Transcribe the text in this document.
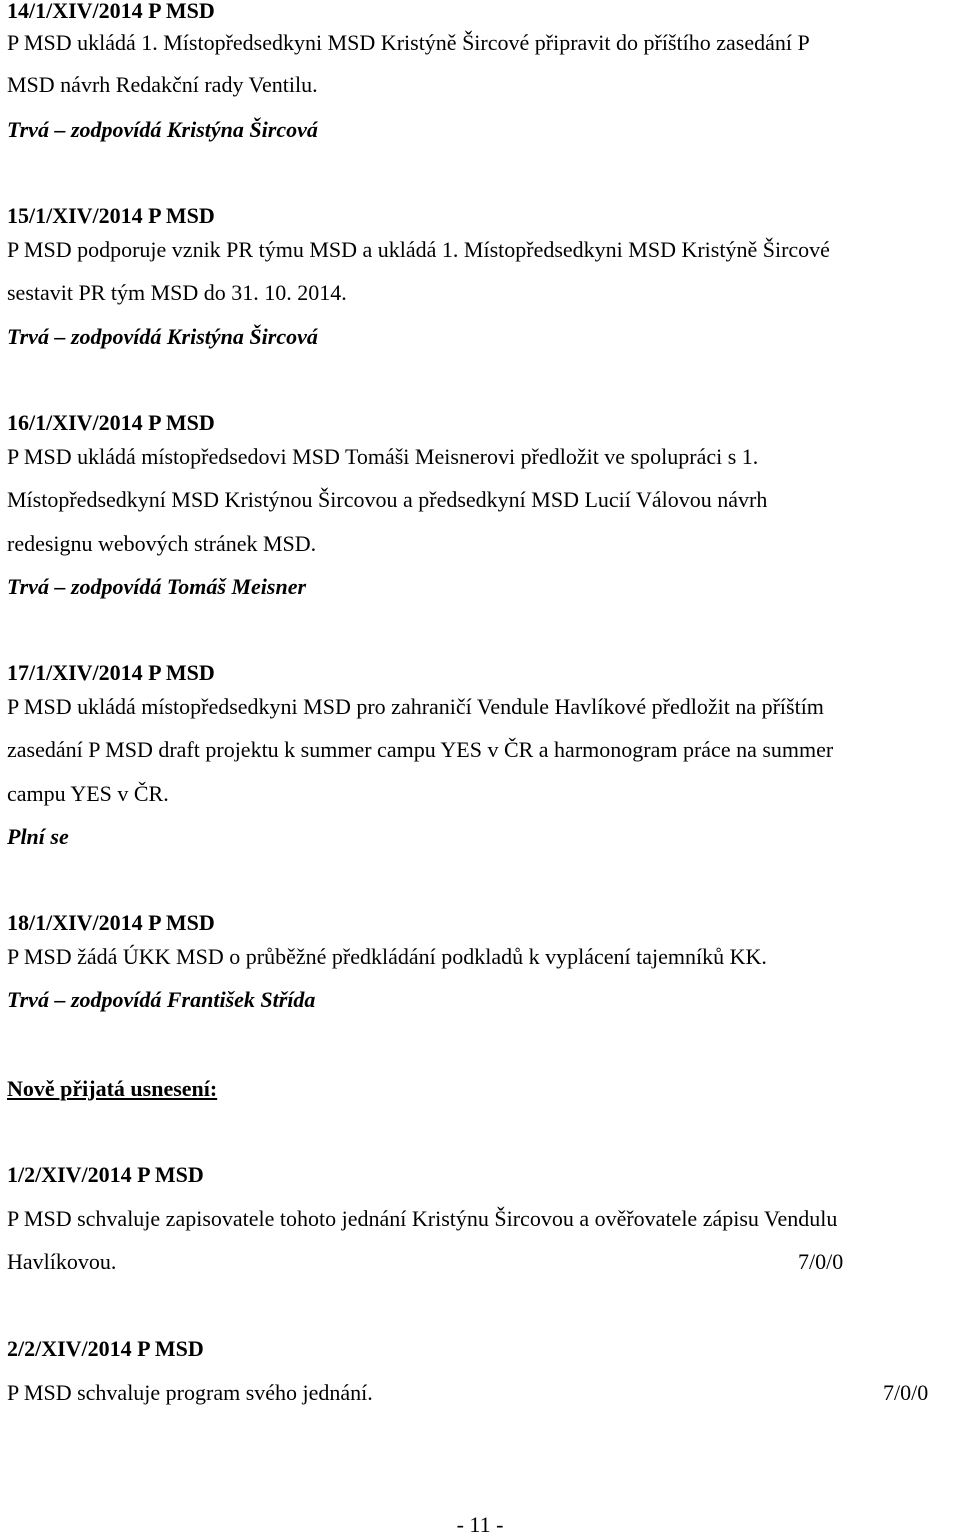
14/1/XIV/2014 P MSD
P MSD ukládá 1. Místopředsedkyni MSD Kristýně Šircové připravit do příštího zasedání P
MSD návrh Redakční rady Ventilu.
Trvá – zodpovídá Kristýna Šircová
15/1/XIV/2014 P MSD
P MSD podporuje vznik PR týmu MSD a ukládá 1. Místopředsedkyni MSD Kristýně Šircové
sestavit PR tým MSD do 31. 10. 2014.
Trvá – zodpovídá Kristýna Šircová
16/1/XIV/2014 P MSD
P MSD ukládá místopředsedovi MSD Tomáši Meisnerovi předložit ve spolupráci s 1.
Místopředsedkyní MSD Kristýnou Šircovou a předsedkyní MSD Lucií Válovou návrh
redesignu webových stránek MSD.
Trvá – zodpovídá Tomáš Meisner
17/1/XIV/2014 P MSD
P MSD ukládá místopředsedkyni MSD pro zahraničí Vendule Havlíkové předložit na příštím
zasedání P MSD draft projektu k summer campu YES v ČR a harmonogram práce na summer
campu YES v ČR.
Plní se
18/1/XIV/2014 P MSD
P MSD žádá ÚKK MSD o průběžné předkládání podkladů k vyplácení tajemníků KK.
Trvá – zodpovídá František Střída
Nově přijatá usnesení:
1/2/XIV/2014 P MSD
P MSD schvaluje zapisovatele tohoto jednání Kristýnu Šircovou a ověřovatele zápisu Vendulu
Havlíkovou.	7/0/0
2/2/XIV/2014 P MSD
P MSD schvaluje program svého jednání.	7/0/0
- 11 -
